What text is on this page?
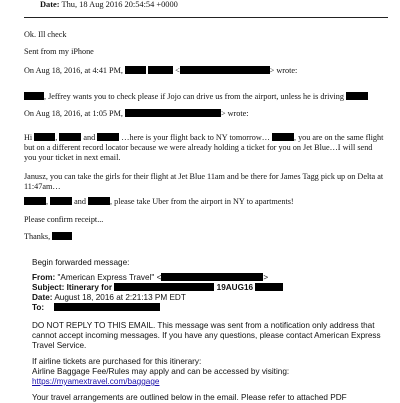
Date: Thu, 18 Aug 2016 20:54:54 +0000
Ok. Ill check
Sent from my iPhone
On Aug 18, 2016, at 4:41 PM,	<	> wrote:
, Jeffrey wants you to check please if Jojo can drive us from the airport, unless he is driving
On Aug 18, 2016, at 1:05 PM,	> wrote:
Hi	,	and	…here is your flight back to NY tomorrow…	, you are on the same flight
but on a different record locator because we were already holding a ticket for you on Jet Blue…I will send
you your ticket in next email.
Janusz, you can take the girls for their flight at Jet Blue 11am and be there for James Tagg pick up on Delta at
11:47am…
,	and	, please take Uber from the airport in NY to apartments!
Please confirm receipt...
Thanks,
Begin forwarded message:
From: "American Express Travel" <	>
Subject: Itinerary for	19AUG16
Date: August 18, 2016 at 2:21:13 PM EDT
To:
DO NOT REPLY TO THIS EMAIL. This message was sent from a notification only address that
cannot accept incoming messages. If you have any questions, please contact American Express
Travel Service.
If airline tickets are purchased for this itinerary:
Airline Baggage Fee/Rules may apply and can be accessed by visiting:
https://myamextravel.com/baggage
Your travel arrangements are outlined below in the email. Please refer to attached PDF
